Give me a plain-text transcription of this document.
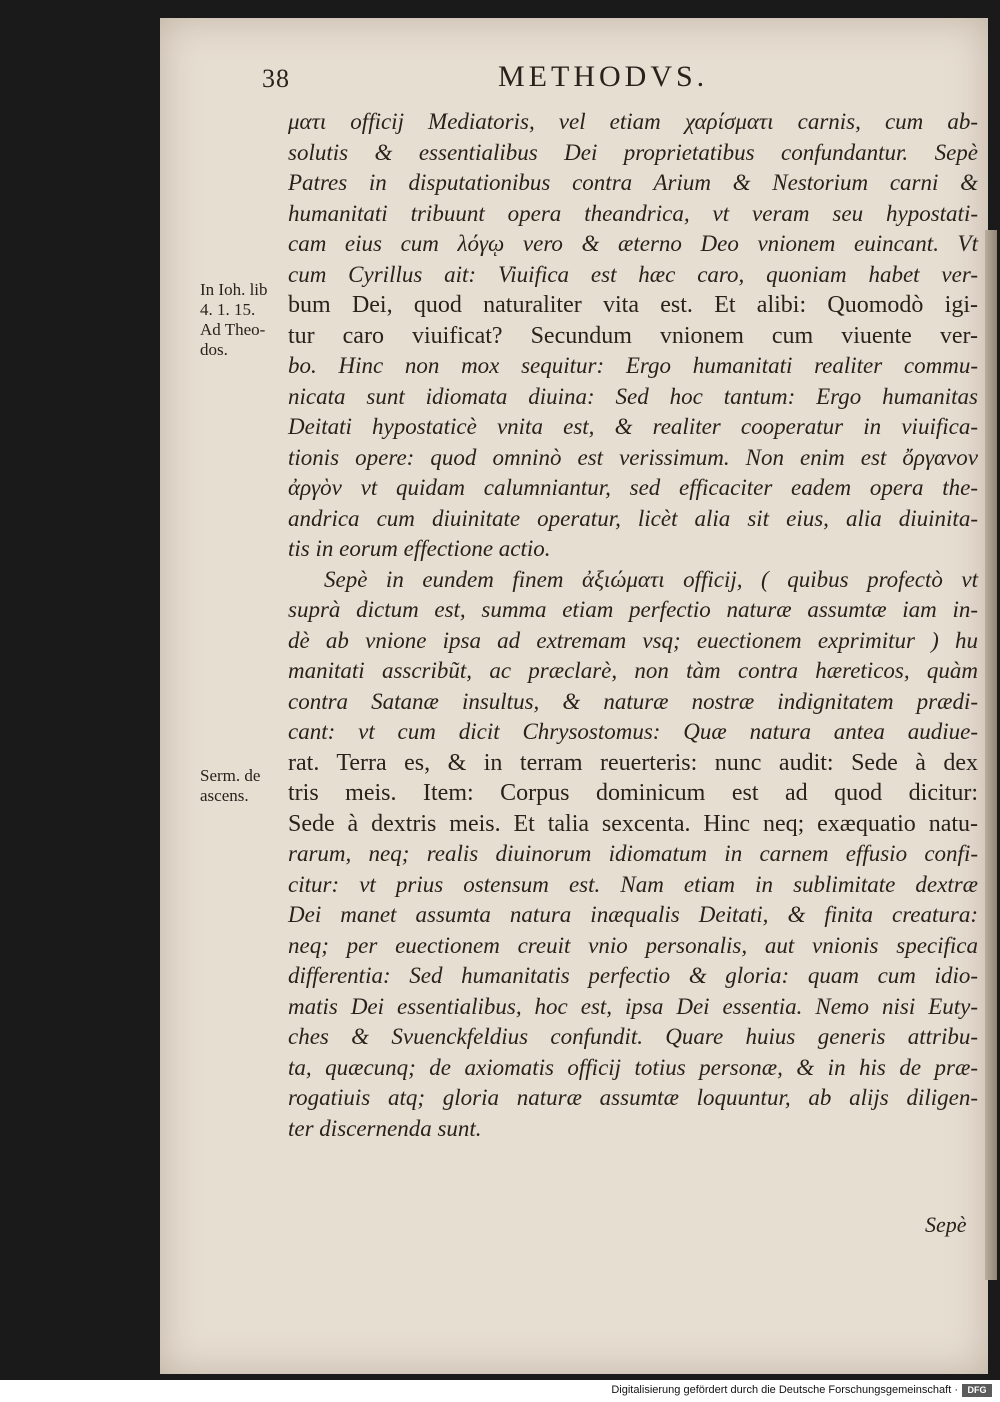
38	METHODVS.
In Ioh. lib
4. 1. 15.
Ad Theo-
dos.
Serm. de
ascens.
ματι officij Mediatoris, vel etiam χαρίσματι carnis, cum ab-
solutis & essentialibus Dei proprietatibus confundantur. Sepè
Patres in disputationibus contra Arium & Nestorium carni &
humanitati tribuunt opera theandrica, vt veram seu hypostati-
cam eius cum λόγῳ vero & æterno Deo vnionem euincant. Vt
cum Cyrillus ait: Viuifica est hæc caro, quoniam habet ver-
bum Dei, quod naturaliter vita est. Et alibi: Quomodò igi-
tur caro viuificat? Secundum vnionem cum viuente ver-
bo. Hinc non mox sequitur: Ergo humanitati realiter commu-
nicata sunt idiomata diuina: Sed hoc tantum: Ergo humanitas
Deitati hypostaticè vnita est, & realiter cooperatur in viuifica-
tionis opere: quod omninò est verissimum. Non enim est ὄργανον
ἀργὸν vt quidam calumniantur, sed efficaciter eadem opera the-
andrica cum diuinitate operatur, licèt alia sit eius, alia diuinita-
tis in eorum effectione actio.
Sepè in eundem finem ἀξιώματι officij, ( quibus profectò vt
suprà dictum est, summa etiam perfectio naturæ assumtæ iam in-
dè ab vnione ipsa ad extremam vsq; euectionem exprimitur ) hu
manitati asscribũt, ac præclarè, non tàm contra hæreticos, quàm
contra Satanæ insultus, & naturæ nostræ indignitatem prædi-
cant: vt cum dicit Chrysostomus: Quæ natura antea audiue-
rat. Terra es, & in terram reuerteris: nunc audit: Sede à dex
tris meis. Item: Corpus dominicum est ad quod dicitur:
Sede à dextris meis. Et talia sexcenta. Hinc neq; exæquatio natu-
rarum, neq; realis diuinorum idiomatum in carnem effusio confi-
citur: vt prius ostensum est. Nam etiam in sublimitate dextræ
Dei manet assumta natura inæqualis Deitati, & finita creatura:
neq; per euectionem creuit vnio personalis, aut vnionis specifica
differentia: Sed humanitatis perfectio & gloria: quam cum idio-
matis Dei essentialibus, hoc est, ipsa Dei essentia. Nemo nisi Euty-
ches & Svuenckfeldius confundit. Quare huius generis attribu-
ta, quæcunq; de axiomatis officij totius personæ, & in his de præ-
rogatiuis atq; gloria naturæ assumtæ loquuntur, ab alijs diligen-
ter discernenda sunt.
Sepè
Digitalisierung gefördert durch die Deutsche Forschungsgemeinschaft ·	DFG
